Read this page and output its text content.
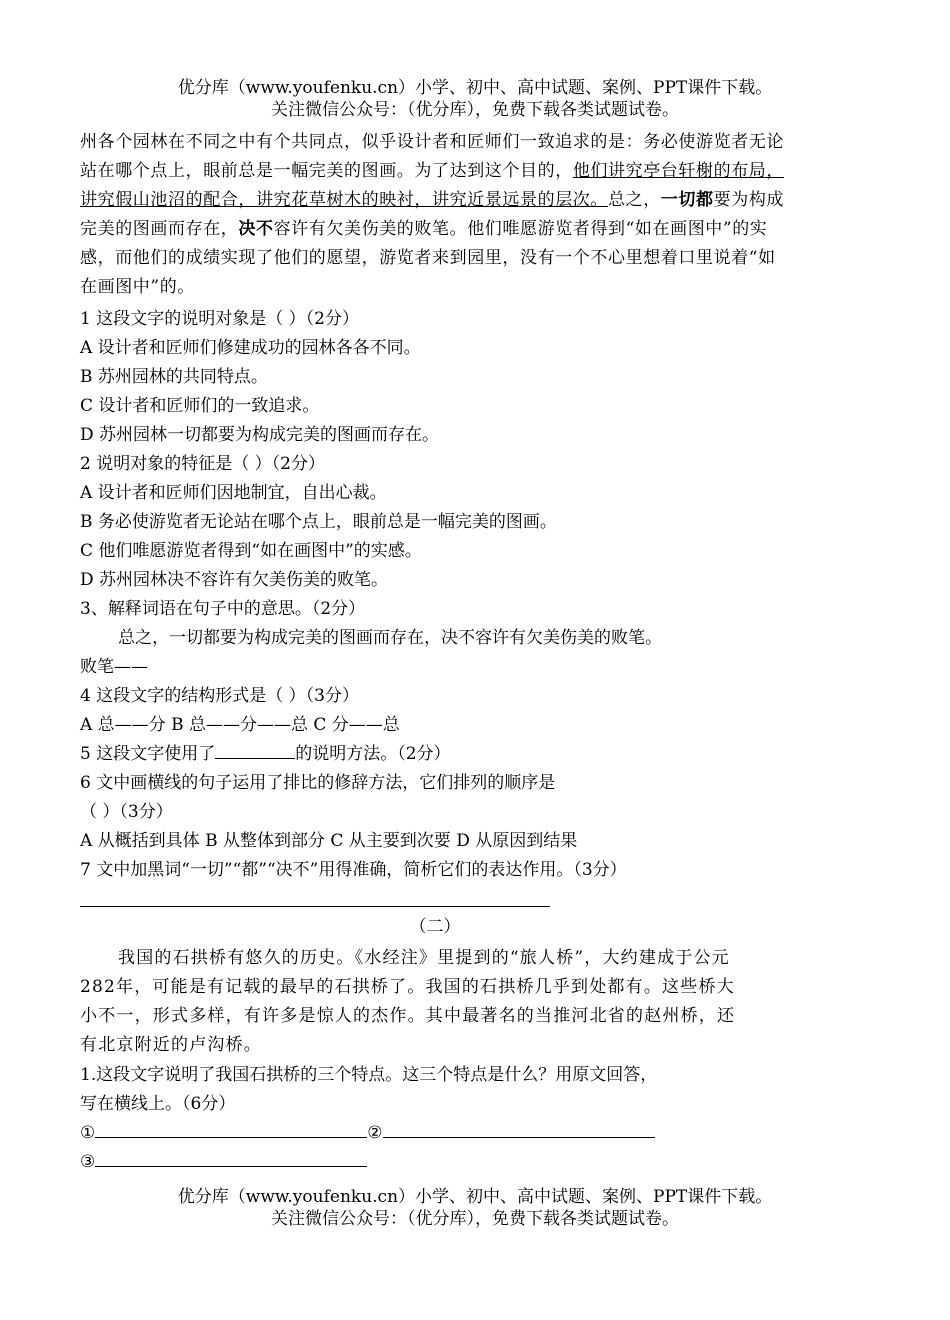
优分库（www.youfenku.cn）小学、初中、高中试题、案例、PPT课件下载。
关注微信公众号：（优分库），免费下载各类试题试卷。
州各个园林在不同之中有个共同点，似乎设计者和匠师们一致追求的是：务必使游览者无论站在哪个点上，眼前总是一幅完美的图画。为了达到这个目的，他们讲究亭台轩榭的布局，讲究假山池沼的配合，讲究花草树木的映衬，讲究近景远景的层次。总之，一切都要为构成完美的图画而存在，决不容许有欠美伤美的败笔。他们唯愿游览者得到“如在画图中”的实感，而他们的成绩实现了他们的愿望，游览者来到园里，没有一个不心里想着口里说着“如在画图中”的。
1 这段文字的说明对象是（ ）（2分）
A 设计者和匠师们修建成功的园林各各不同。
B 苏州园林的共同特点。
C 设计者和匠师们的一致追求。
D 苏州园林一切都要为构成完美的图画而存在。
2 说明对象的特征是（ ）（2分）
A 设计者和匠师们因地制宜，自出心裁。
B 务必使游览者无论站在哪个点上，眼前总是一幅完美的图画。
C 他们唯愿游览者得到“如在画图中”的实感。
D 苏州园林决不容许有欠美伤美的败笔。
3、解释词语在句子中的意思。（2分）
总之，一切都要为构成完美的图画而存在，决不容许有欠美伤美的败笔。
败笔——
4 这段文字的结构形式是（ ）（3分）
A 总——分 B 总——分——总 C 分——总
5 这段文字使用了	的说明方法。（2分）
6 文中画横线的句子运用了排比的修辞方法，它们排列的顺序是
（ ）（3分）
A 从概括到具体 B 从整体到部分 C 从主要到次要 D 从原因到结果
7 文中加黑词“一切”“都”“决不”用得准确，简析它们的表达作用。（3分）
（二）
我国的石拱桥有悠久的历史。《水经注》里提到的“旅人桥”，大约建成于公元282年，可能是有记载的最早的石拱桥了。我国的石拱桥几乎到处都有。这些桥大小不一，形式多样，有许多是惊人的杰作。其中最著名的当推河北省的赵州桥，还有北京附近的卢沟桥。
1.这段文字说明了我国石拱桥的三个特点。这三个特点是什么？用原文回答，
写在横线上。（6分）
①	②
③
优分库（www.youfenku.cn）小学、初中、高中试题、案例、PPT课件下载。
关注微信公众号：（优分库），免费下载各类试题试卷。
